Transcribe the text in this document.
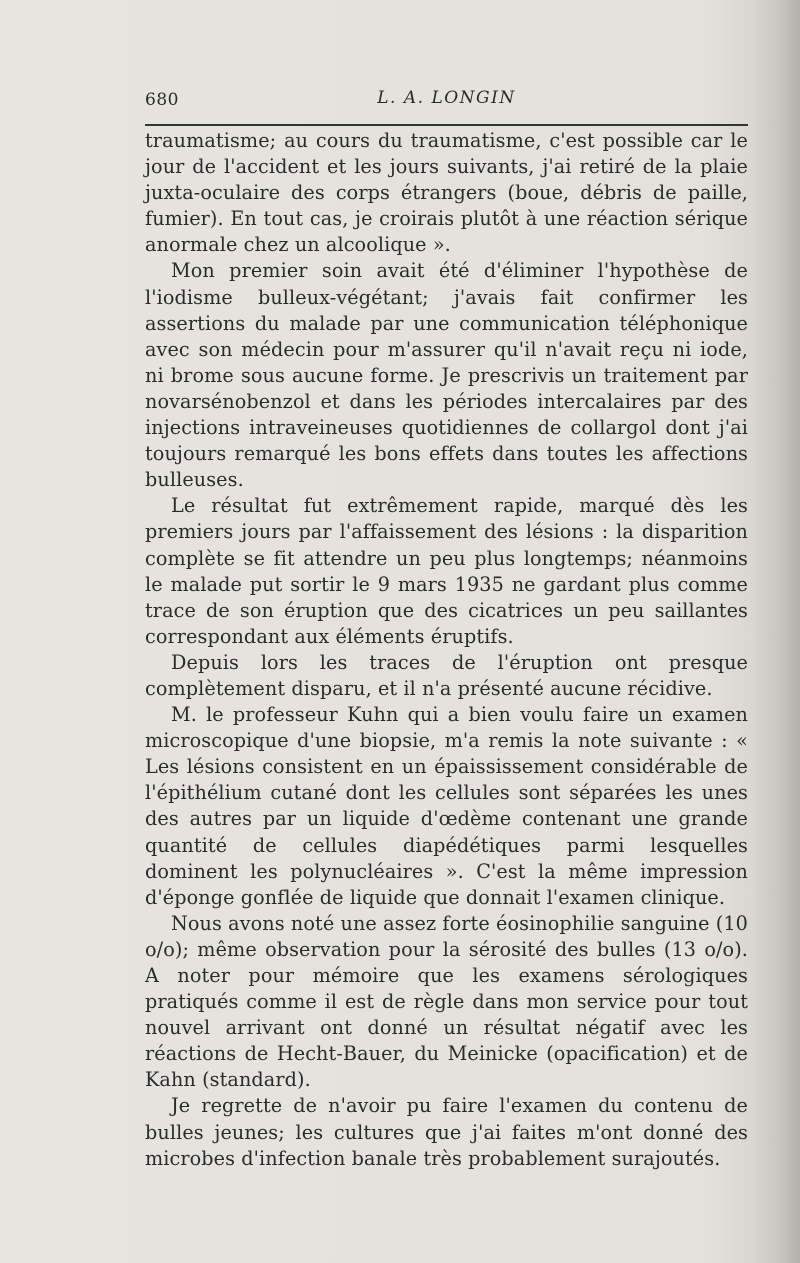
680	L. A. LONGIN

traumatisme; au cours du traumatisme, c'est possible car le jour de l'accident et les jours suivants, j'ai retiré de la plaie juxta-oculaire des corps étrangers (boue, débris de paille, fumier). En tout cas, je croirais plutôt à une réaction sérique anormale chez un alcoolique ».

Mon premier soin avait été d'éliminer l'hypothèse de l'iodisme bulleux-végétant; j'avais fait confirmer les assertions du malade par une communication téléphonique avec son médecin pour m'assurer qu'il n'avait reçu ni iode, ni brome sous aucune forme. Je prescrivis un traitement par novarsénobenzol et dans les périodes intercalaires par des injections intraveineuses quotidiennes de collargol dont j'ai toujours remarqué les bons effets dans toutes les affections bulleuses.

Le résultat fut extrêmement rapide, marqué dès les premiers jours par l'affaissement des lésions : la disparition complète se fit attendre un peu plus longtemps; néanmoins le malade put sortir le 9 mars 1935 ne gardant plus comme trace de son éruption que des cicatrices un peu saillantes correspondant aux éléments éruptifs.

Depuis lors les traces de l'éruption ont presque complètement disparu, et il n'a présenté aucune récidive.

M. le professeur Kuhn qui a bien voulu faire un examen microscopique d'une biopsie, m'a remis la note suivante : « Les lésions consistent en un épaississement considérable de l'épithélium cutané dont les cellules sont séparées les unes des autres par un liquide d'œdème contenant une grande quantité de cellules diapédétiques parmi lesquelles dominent les polynucléaires ». C'est la même impression d'éponge gonflée de liquide que donnait l'examen clinique.

Nous avons noté une assez forte éosinophilie sanguine (10 o/o); même observation pour la sérosité des bulles (13 o/o). A noter pour mémoire que les examens sérologiques pratiqués comme il est de règle dans mon service pour tout nouvel arrivant ont donné un résultat négatif avec les réactions de Hecht-Bauer, du Meinicke (opacification) et de Kahn (standard).

Je regrette de n'avoir pu faire l'examen du contenu de bulles jeunes; les cultures que j'ai faites m'ont donné des microbes d'infection banale très probablement surajoutés.
